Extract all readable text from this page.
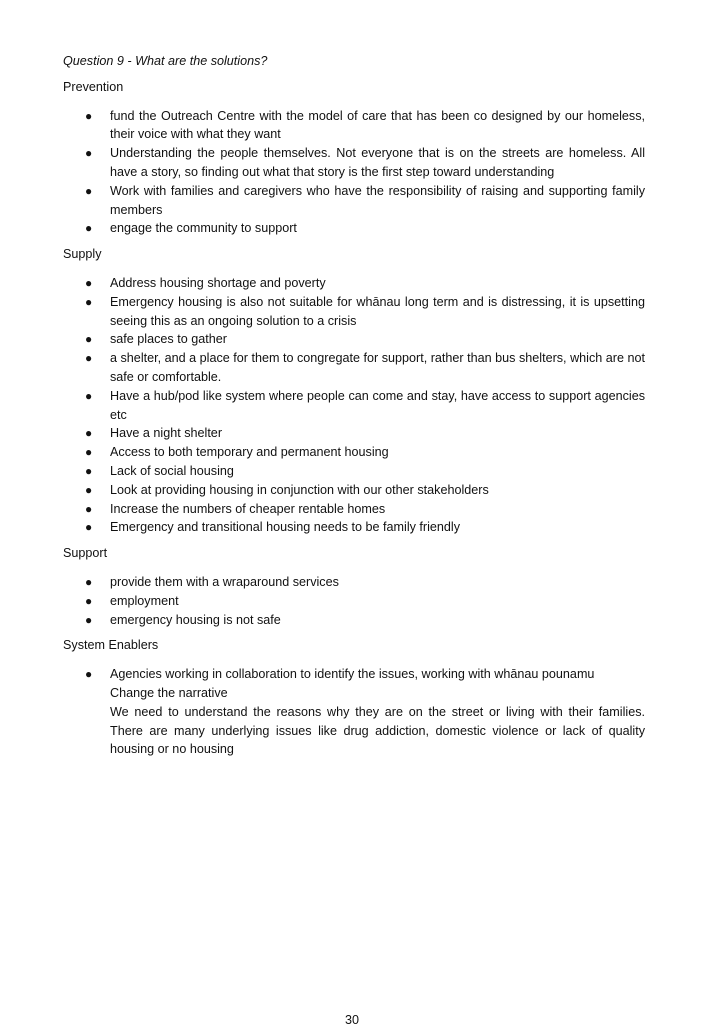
Question 9 - What are the solutions?

Prevention

● fund the Outreach Centre with the model of care that has been co designed by our homeless, their voice with what they want
● Understanding the people themselves. Not everyone that is on the streets are homeless. All have a story, so finding out what that story is the first step toward understanding
● Work with families and caregivers who have the responsibility of raising and supporting family members
● engage the community to support

Supply

● Address housing shortage and poverty
● Emergency housing is also not suitable for whānau long term and is distressing, it is upsetting seeing this as an ongoing solution to a crisis
● safe places to gather
● a shelter, and a place for them to congregate for support, rather than bus shelters, which are not safe or comfortable.
● Have a hub/pod like system where people can come and stay, have access to support agencies etc
● Have a night shelter
● Access to both temporary and permanent housing
● Lack of social housing
● Look at providing housing in conjunction with our other stakeholders
● Increase the numbers of cheaper rentable homes
● Emergency and transitional housing needs to be family friendly

Support

● provide them with a wraparound services
● employment
● emergency housing is not safe

System Enablers

● Agencies working in collaboration to identify the issues, working with whānau pounamu
Change the narrative
We need to understand the reasons why they are on the street or living with their families. There are many underlying issues like drug addiction, domestic violence or lack of quality housing or no housing
30
